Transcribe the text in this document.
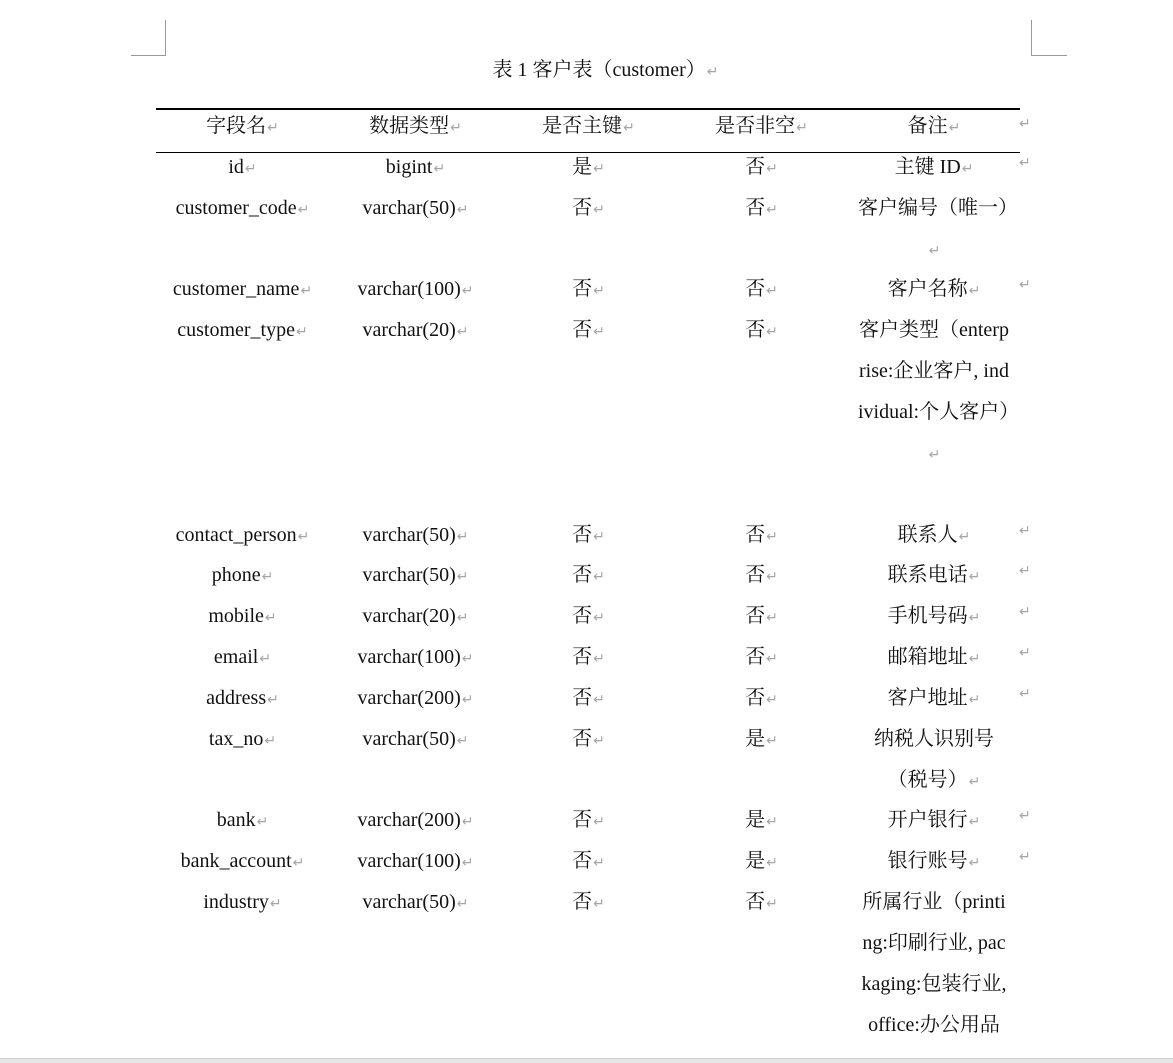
表 1 客户表（customer）↵
字段名↵	数据类型↵	是否主键↵	是否非空↵	备注↵	↵
id↵	bigint↵	是↵	否↵	主键 ID↵	↵
customer_code↵	varchar(50)↵	否↵	否↵	客户编号（唯一）↵
customer_name↵	varchar(100)↵	否↵	否↵	客户名称↵	↵
customer_type↵	varchar(20)↵	否↵	否↵	客户类型（enterprise:企业客户, individual:个人客户）↵
contact_person↵	varchar(50)↵	否↵	否↵	联系人↵	↵
phone↵	varchar(50)↵	否↵	否↵	联系电话↵	↵
mobile↵	varchar(20)↵	否↵	否↵	手机号码↵	↵
email↵	varchar(100)↵	否↵	否↵	邮箱地址↵	↵
address↵	varchar(200)↵	否↵	否↵	客户地址↵	↵
tax_no↵	varchar(50)↵	否↵	是↵	纳税人识别号（税号）↵
bank↵	varchar(200)↵	否↵	是↵	开户银行↵	↵
bank_account↵	varchar(100)↵	否↵	是↵	银行账号↵	↵
industry↵	varchar(50)↵	否↵	否↵	所属行业（printing:印刷行业, packaging:包装行业, office:办公用品
